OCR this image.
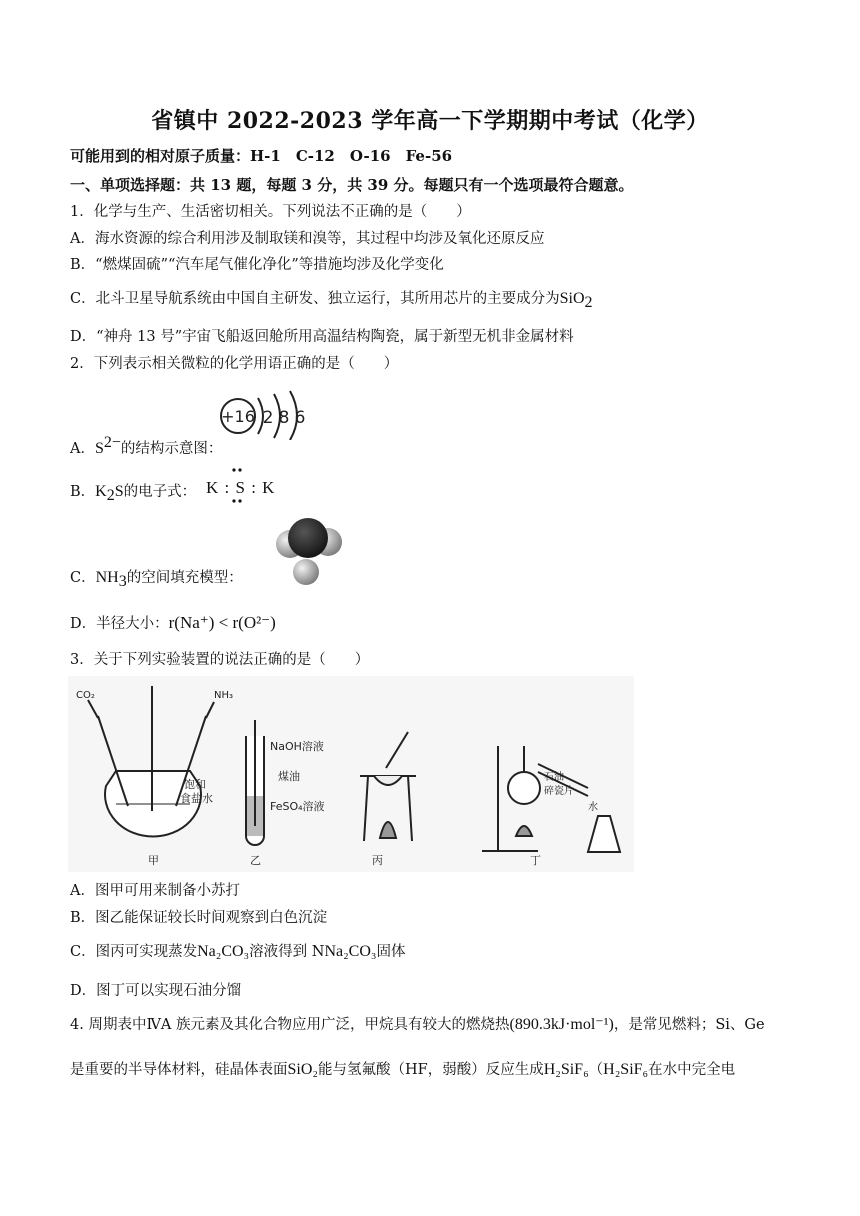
省镇中 2022-2023 学年高一下学期期中考试（化学）
可能用到的相对原子质量：H-1　C-12　O-16　Fe-56
一、单项选择题：共 13 题，每题 3 分，共 39 分。每题只有一个选项最符合题意。
1．化学与生产、生活密切相关。下列说法不正确的是（　　）
A．海水资源的综合利用涉及制取镁和溴等，其过程中均涉及氧化还原反应
B．“燃煤固硫”“汽车尾气催化净化”等措施均涉及化学变化
C．北斗卫星导航系统由中国自主研发、独立运行，其所用芯片的主要成分为SiO$_2$
D．“神舟 13 号”宇宙飞船返回舱所用高温结构陶瓷，属于新型无机非金属材料
2．下列表示相关微粒的化学用语正确的是（　　）
A．$S^{2-}$的结构示意图：
+16 2 8 6
B．$K_2S$的电子式： K : S : K
C．$NH_3$的空间填充模型：
D．半径大小：r(Na⁺) < r(O²⁻)
3．关于下列实验装置的说法正确的是（　　）
CO₂	NH₃
饱和
食盐水
NaOH溶液
煤油
FeSO₄溶液
石油
碎瓷片
水
甲	乙	丙	丁
A．图甲可用来制备小苏打
B．图乙能保证较长时间观察到白色沉淀
C．图丙可实现蒸发Na₂CO₃溶液得到 NNa₂CO₃固体
D．图丁可以实现石油分馏
4. 周期表中ⅣA 族元素及其化合物应用广泛，甲烷具有较大的燃烧热(890.3kJ·mol⁻¹)，是常见燃料；Si、Ge
是重要的半导体材料，硅晶体表面SiO₂能与氢氟酸（HF，弱酸）反应生成H₂SiF₆（H₂SiF₆在水中完全电
